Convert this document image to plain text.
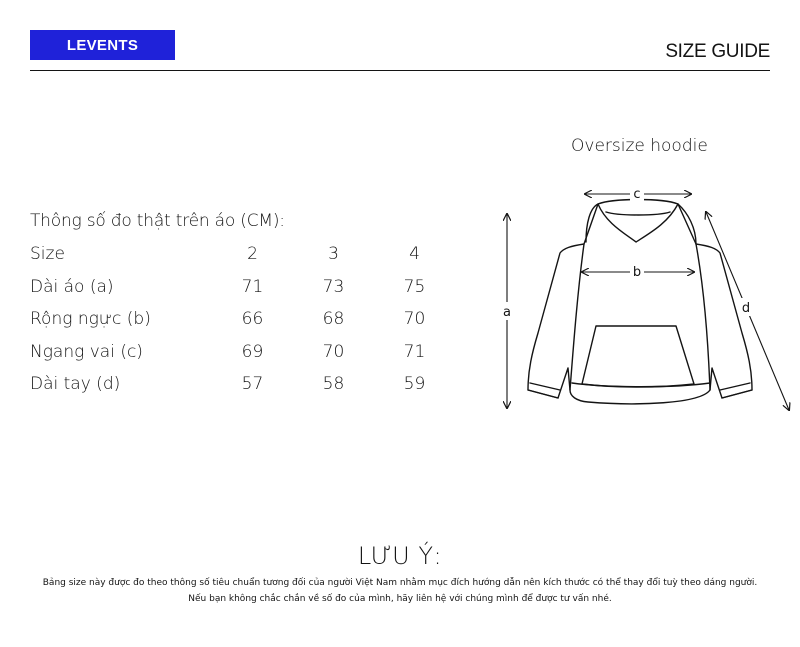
LEVENTS	SIZE GUIDE
Thông số đo thật trên áo (CM):
Size	2	3	4
Dài áo (a)	71	73	75
Rộng ngực (b)	66	68	70
Ngang vai (c)	69	70	71
Dài tay (d)	57	58	59
Oversize hoodie
c
b
a	d
LƯU Ý:
Bảng size này được đo theo thông số tiêu chuẩn tương đối của người Việt Nam nhằm mục đích hướng dẫn nên kích thước có thể thay đổi tuỳ theo dáng người.
Nếu bạn không chắc chắn về số đo của mình, hãy liên hệ với chúng mình để được tư vấn nhé.
